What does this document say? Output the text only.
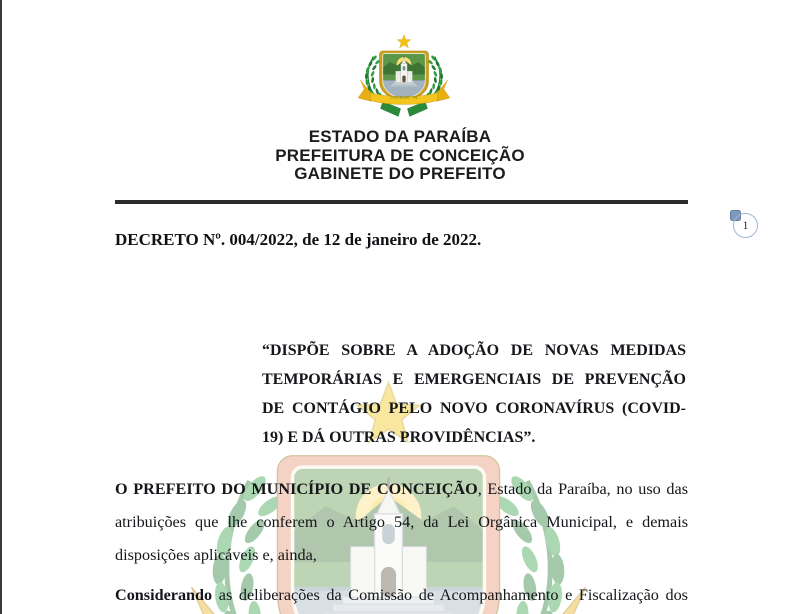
ESTADO DA PARAÍBA
PREFEITURA DE CONCEIÇÃO
GABINETE DO PREFEITO
DECRETO Nº. 004/2022, de 12 de janeiro de 2022.
1
“DISPÕE SOBRE A ADOÇÃO DE NOVAS MEDIDAS
TEMPORÁRIAS E EMERGENCIAIS DE PREVENÇÃO
DE CONTÁGIO PELO NOVO CORONAVÍRUS (COVID-
19) E DÁ OUTRAS PROVIDÊNCIAS”.
O PREFEITO DO MUNICÍPIO DE CONCEIÇÃO, Estado da Paraíba, no uso das
atribuições que lhe conferem o Artigo 54, da Lei Orgânica Municipal, e demais
disposições aplicáveis e, ainda,
Considerando as deliberações da Comissão de Acompanhamento e Fiscalização dos
